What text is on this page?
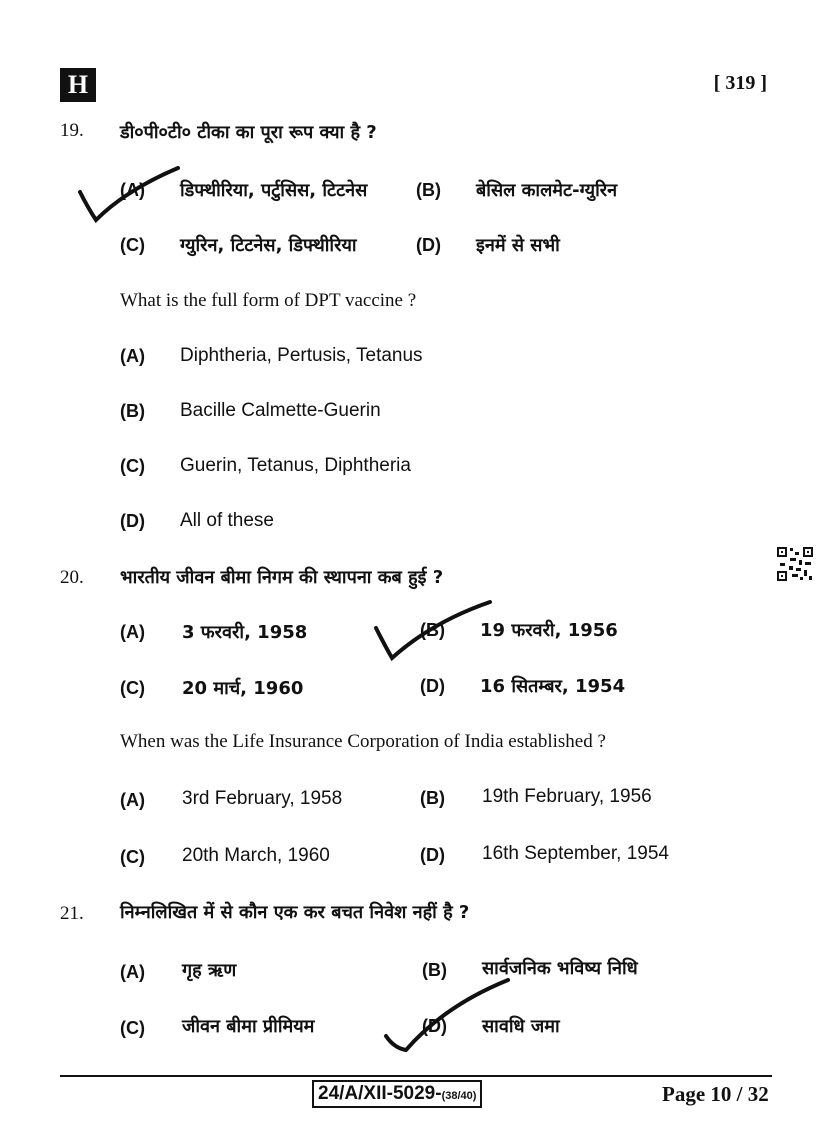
H	[ 319 ]
19. डी०पी०टी० टीका का पूरा रूप क्या है ?
(A) डिफ्थीरिया, पर्टुसिस, टिटनेस	(B) बेसिल कालमेट-ग्युरिन
(C) ग्युरिन, टिटनेस, डिफ्थीरिया	(D) इनमें से सभी
What is the full form of DPT vaccine ?
(A) Diphtheria, Pertusis, Tetanus
(B) Bacille Calmette-Guerin
(C) Guerin, Tetanus, Diphtheria
(D) All of these
20. भारतीय जीवन बीमा निगम की स्थापना कब हुई ?
(A) 3 फरवरी, 1958	(B) 19 फरवरी, 1956
(C) 20 मार्च, 1960	(D) 16 सितम्बर, 1954
When was the Life Insurance Corporation of India established ?
(A) 3rd February, 1958	(B) 19th February, 1956
(C) 20th March, 1960	(D) 16th September, 1954
21. निम्नलिखित में से कौन एक कर बचत निवेश नहीं है ?
(A) गृह ऋण	(B) सार्वजनिक भविष्य निधि
(C) जीवन बीमा प्रीमियम	(D) सावधि जमा
24/A/XII-5029-(38/40)	Page 10 / 32
